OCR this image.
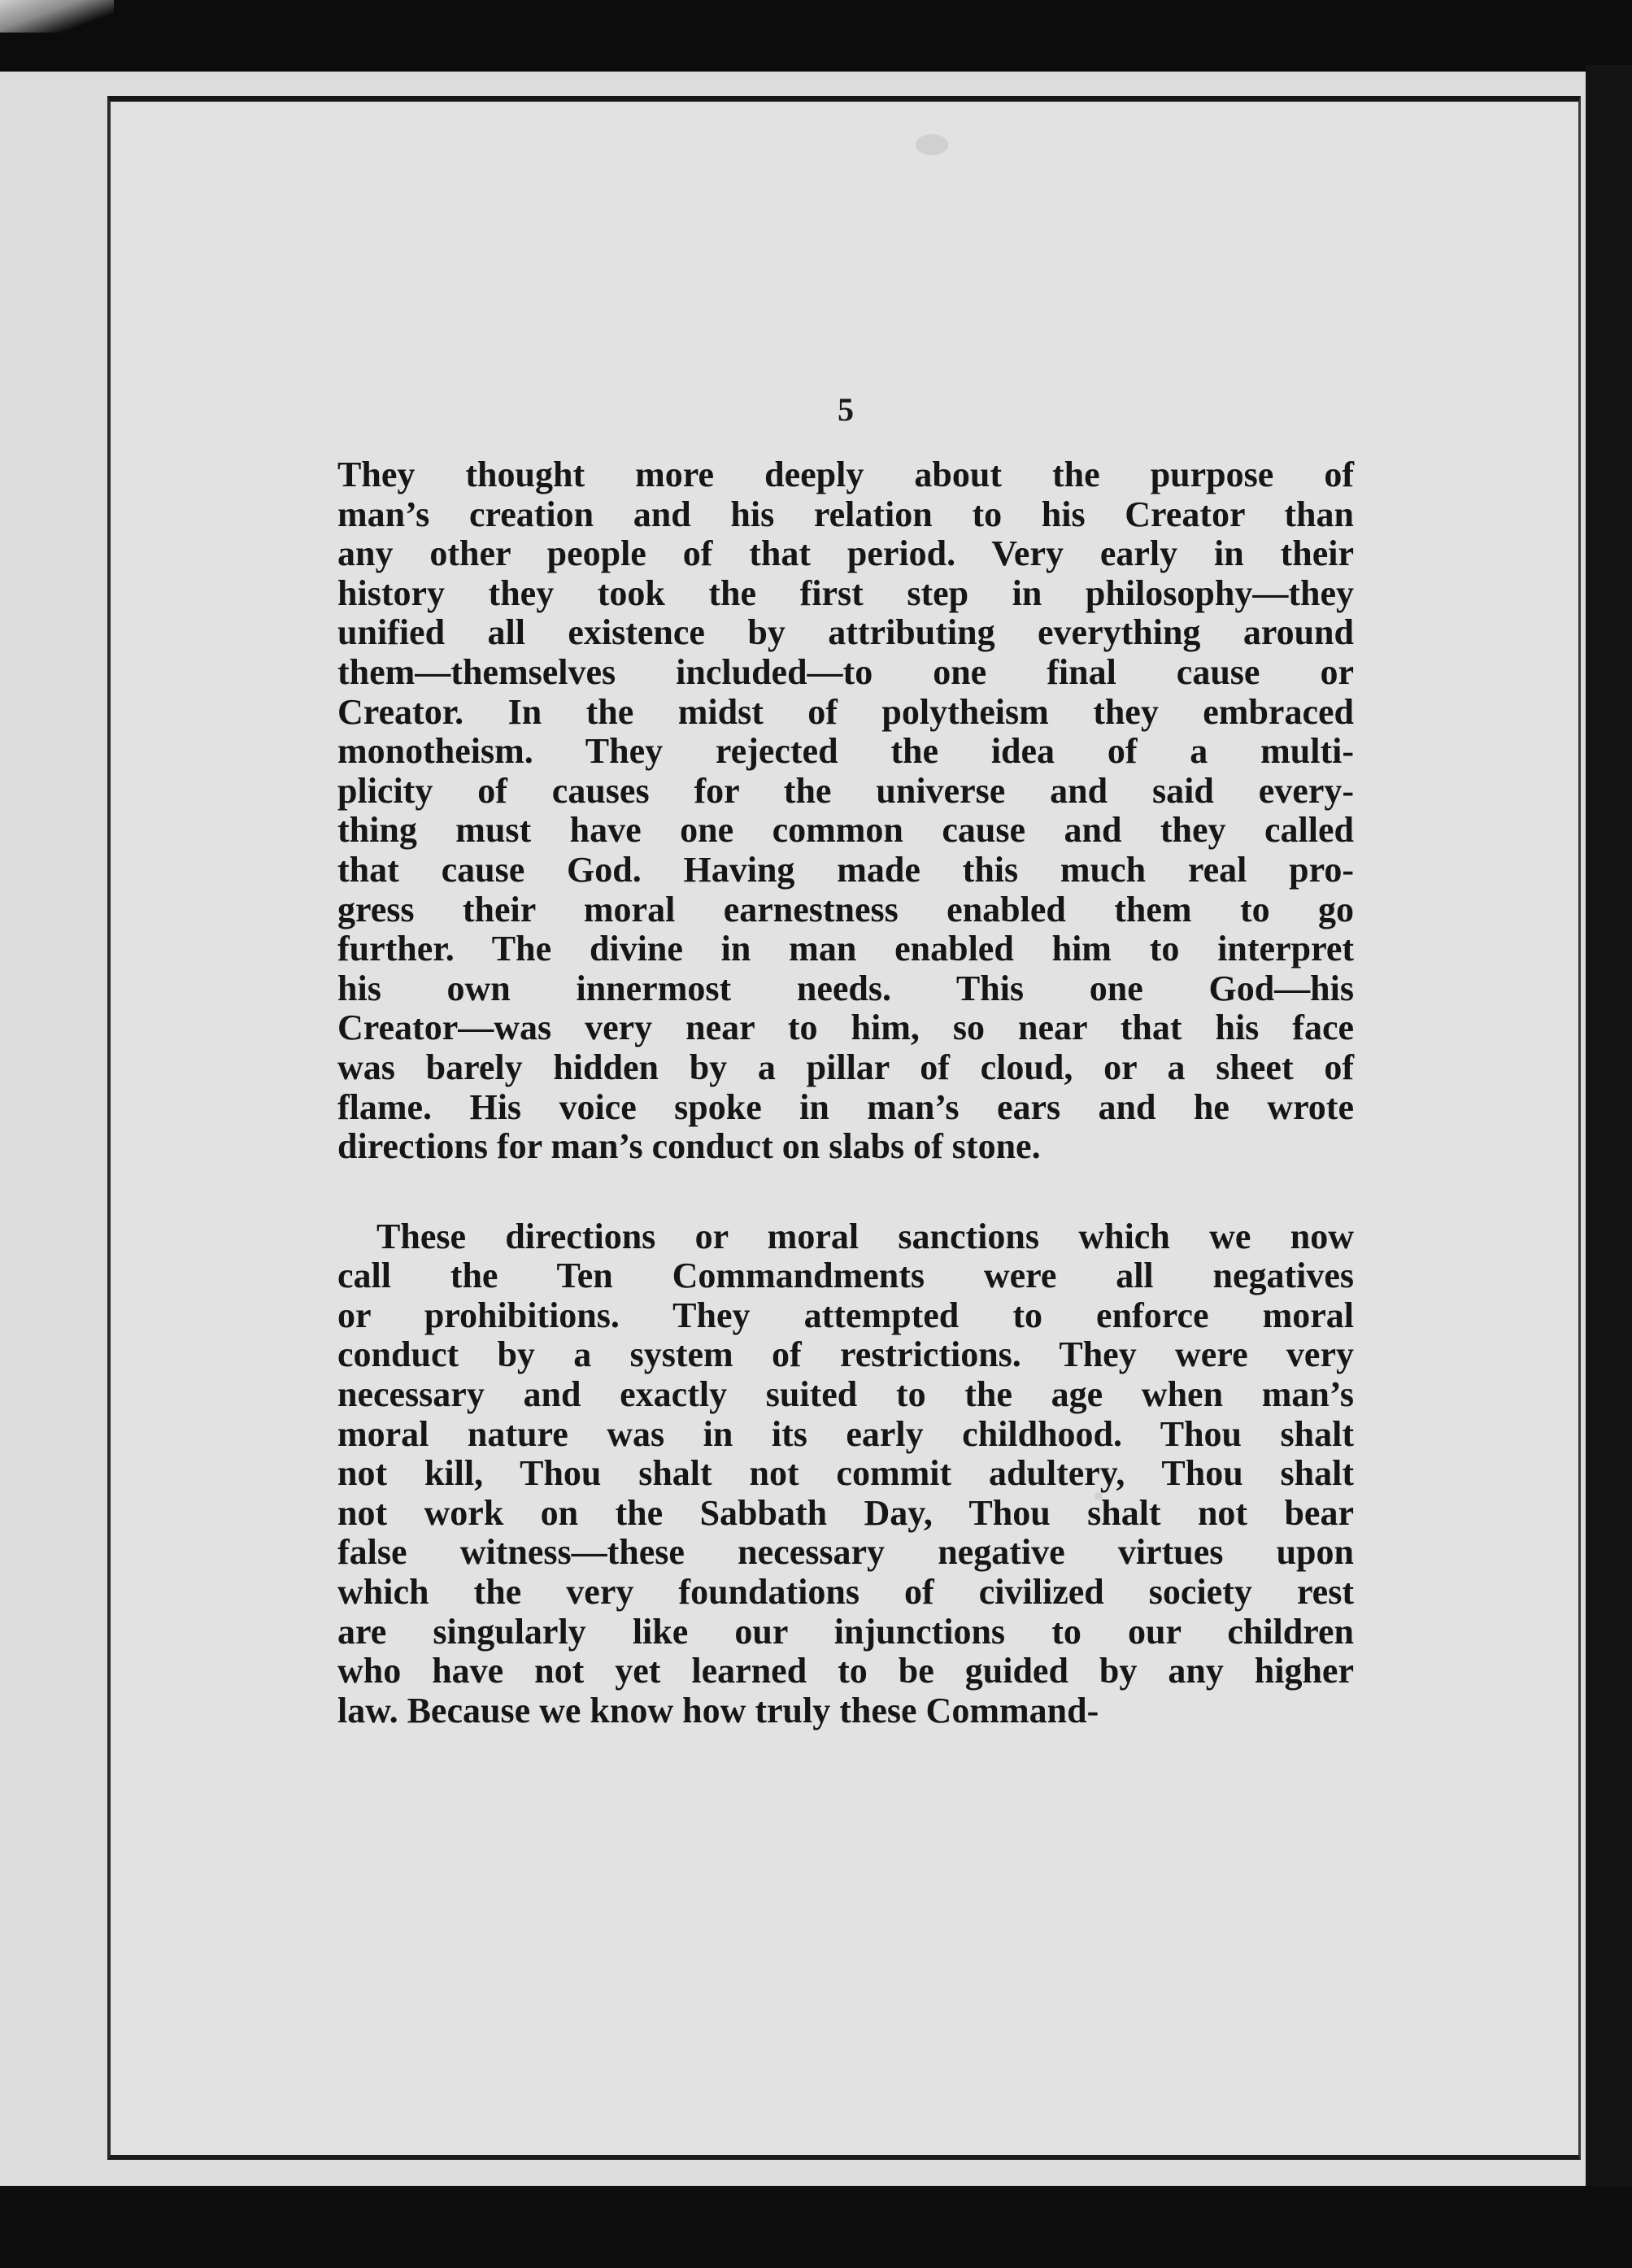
5
They thought more deeply about the purpose of
man’s creation and his relation to his Creator than
any other people of that period. Very early in their
history they took the first step in philosophy—they
unified all existence by attributing everything around
them—themselves included—to one final cause or
Creator. In the midst of polytheism they embraced
monotheism. They rejected the idea of a multi-
plicity of causes for the universe and said every-
thing must have one common cause and they called
that cause God. Having made this much real pro-
gress their moral earnestness enabled them to go
further. The divine in man enabled him to interpret
his own innermost needs. This one God—his
Creator—was very near to him, so near that his face
was barely hidden by a pillar of cloud, or a sheet of
flame. His voice spoke in man’s ears and he wrote
directions for man’s conduct on slabs of stone.
These directions or moral sanctions which we now
call the Ten Commandments were all negatives
or prohibitions. They attempted to enforce moral
conduct by a system of restrictions. They were very
necessary and exactly suited to the age when man’s
moral nature was in its early childhood. Thou shalt
not kill, Thou shalt not commit adultery, Thou shalt
not work on the Sabbath Day, Thou shalt not bear
false witness—these necessary negative virtues upon
which the very foundations of civilized society rest
are singularly like our injunctions to our children
who have not yet learned to be guided by any higher
law. Because we know how truly these Command-
